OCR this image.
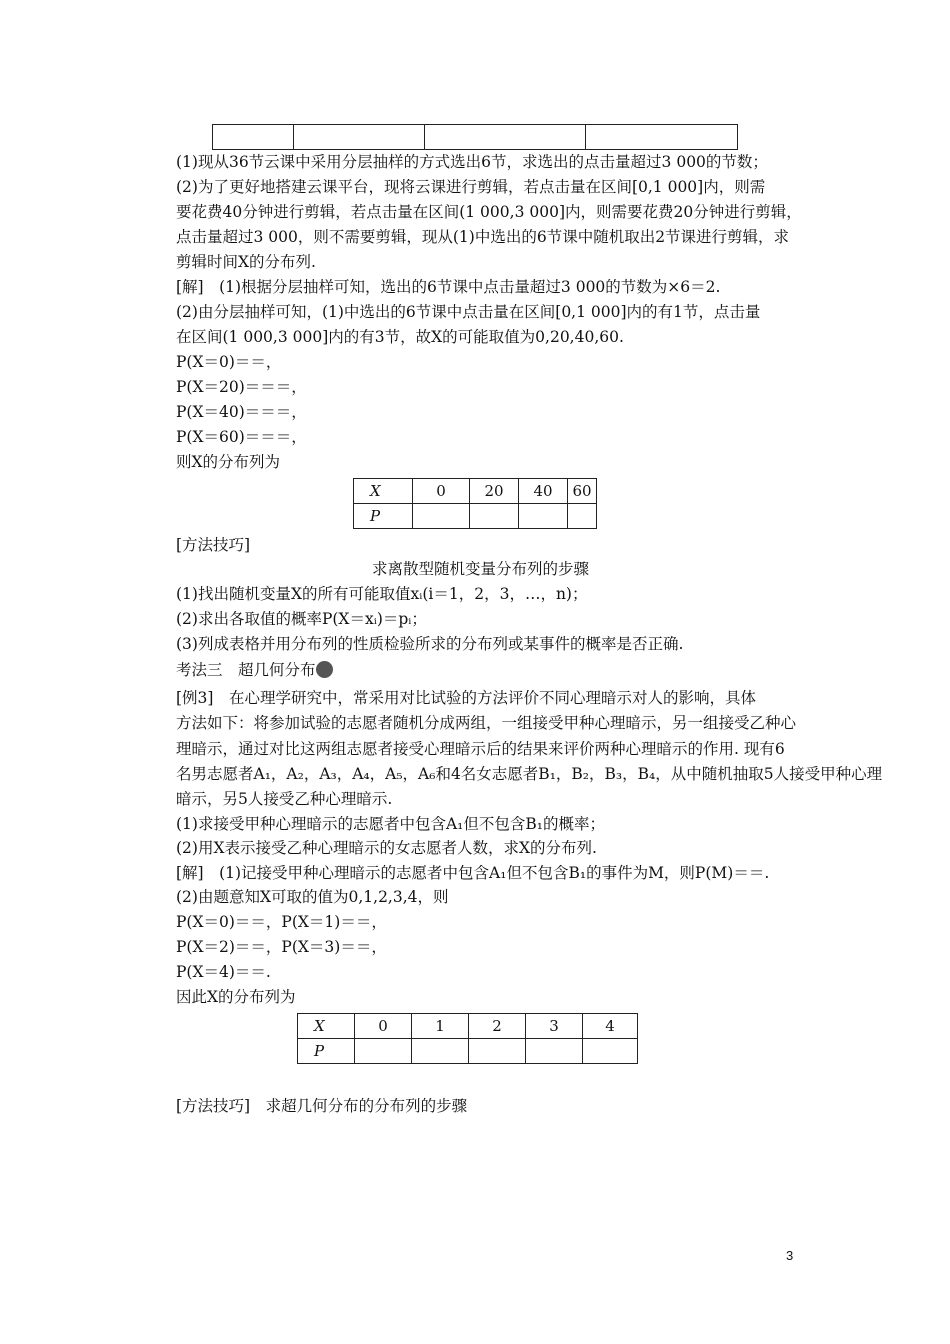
(1)现从36节云课中采用分层抽样的方式选出6节，求选出的点击量超过3 000的节数；
(2)为了更好地搭建云课平台，现将云课进行剪辑，若点击量在区间[0,1 000]内，则需
要花费40分钟进行剪辑，若点击量在区间(1 000,3 000]内，则需要花费20分钟进行剪辑，
点击量超过3 000，则不需要剪辑，现从(1)中选出的6节课中随机取出2节课进行剪辑，求
剪辑时间X的分布列.
[解]　(1)根据分层抽样可知，选出的6节课中点击量超过3 000的节数为×6＝2.
(2)由分层抽样可知，(1)中选出的6节课中点击量在区间[0,1 000]内的有1节，点击量
在区间(1 000,3 000]内的有3节，故X的可能取值为0,20,40,60.
P(X＝0)＝＝，
P(X＝20)＝＝＝，
P(X＝40)＝＝＝，
P(X＝60)＝＝＝，
则X的分布列为
X	0	20	40	60
P				
[方法技巧]
求离散型随机变量分布列的步骤
(1)找出随机变量X的所有可能取值xᵢ(i＝1，2，3，…，n)；
(2)求出各取值的概率P(X＝xᵢ)＝pᵢ；
(3)列成表格并用分布列的性质检验所求的分布列或某事件的概率是否正确.
考法三　超几何分布
[例3]　在心理学研究中，常采用对比试验的方法评价不同心理暗示对人的影响，具体
方法如下：将参加试验的志愿者随机分成两组，一组接受甲种心理暗示，另一组接受乙种心
理暗示，通过对比这两组志愿者接受心理暗示后的结果来评价两种心理暗示的作用. 现有6
名男志愿者A₁，A₂，A₃，A₄，A₅，A₆和4名女志愿者B₁，B₂，B₃，B₄，从中随机抽取5人接受甲种心理
暗示，另5人接受乙种心理暗示.
(1)求接受甲种心理暗示的志愿者中包含A₁但不包含B₁的概率；
(2)用X表示接受乙种心理暗示的女志愿者人数，求X的分布列.
[解]　(1)记接受甲种心理暗示的志愿者中包含A₁但不包含B₁的事件为M，则P(M)＝＝.
(2)由题意知X可取的值为0,1,2,3,4，则
P(X＝0)＝＝，P(X＝1)＝＝，
P(X＝2)＝＝，P(X＝3)＝＝，
P(X＝4)＝＝.
因此X的分布列为
X	0	1	2	3	4
P					
[方法技巧]　求超几何分布的分布列的步骤
3
